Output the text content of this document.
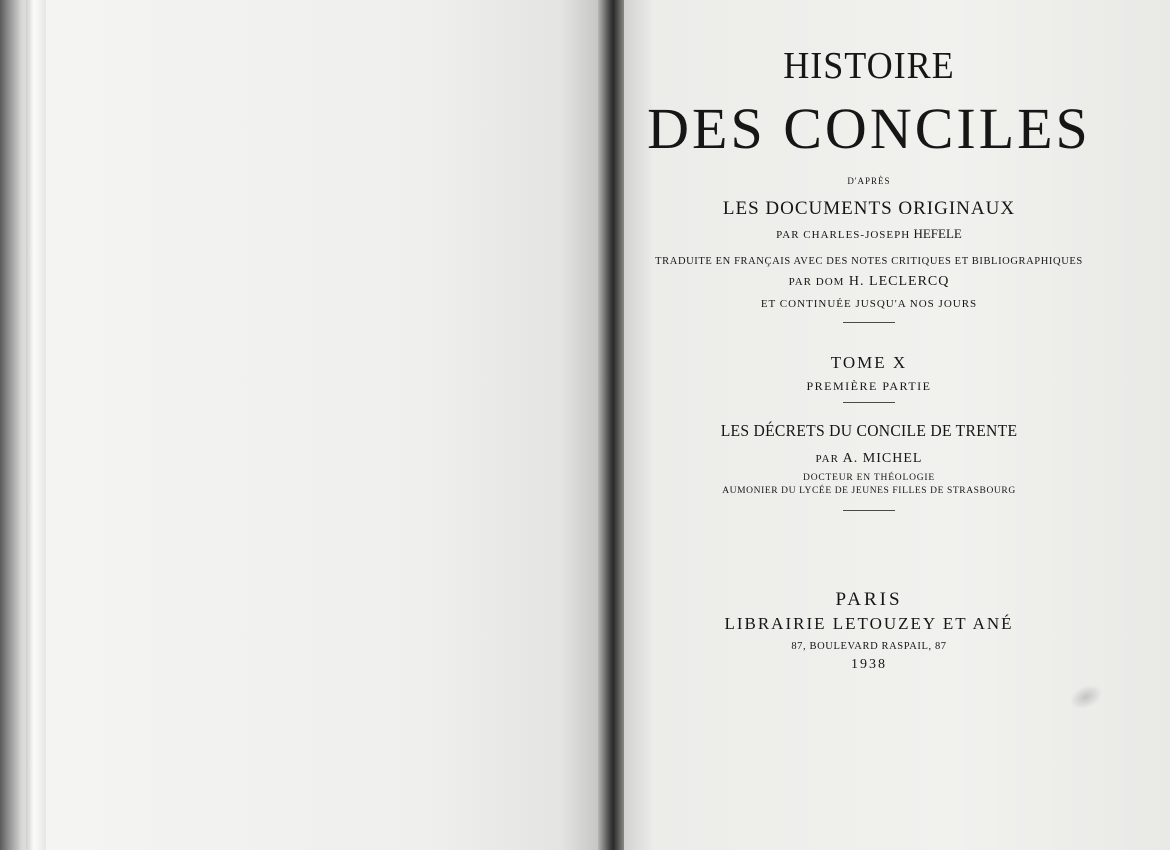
HISTOIRE
DES CONCILES
D'APRÈS
LES DOCUMENTS ORIGINAUX
PAR CHARLES-JOSEPH HEFELE
TRADUITE EN FRANÇAIS AVEC DES NOTES CRITIQUES ET BIBLIOGRAPHIQUES
PAR DOM H. LECLERCQ
ET CONTINUÉE JUSQU'A NOS JOURS
TOME X
PREMIÈRE PARTIE
LES DÉCRETS DU CONCILE DE TRENTE
PAR A. MICHEL
DOCTEUR EN THÉOLOGIE
AUMONIER DU LYCÉE DE JEUNES FILLES DE STRASBOURG
PARIS
LIBRAIRIE LETOUZEY ET ANÉ
87, BOULEVARD RASPAIL, 87
1938
